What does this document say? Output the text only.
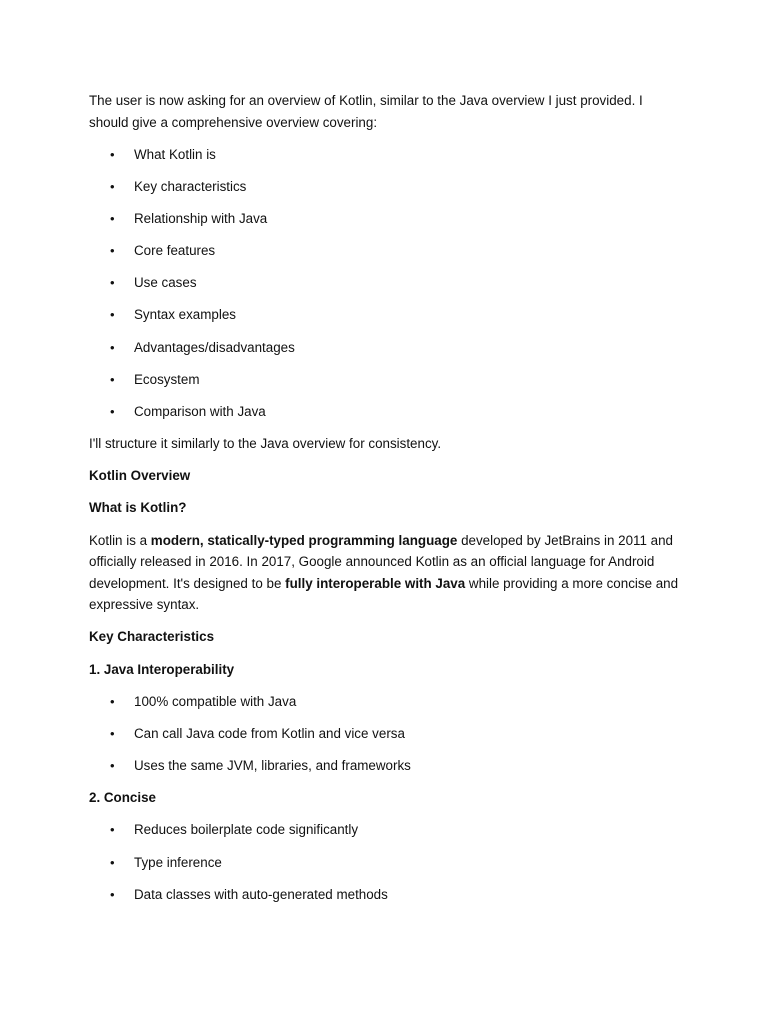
The user is now asking for an overview of Kotlin, similar to the Java overview I just provided. I should give a comprehensive overview covering:

• What Kotlin is
• Key characteristics
• Relationship with Java
• Core features
• Use cases
• Syntax examples
• Advantages/disadvantages
• Ecosystem
• Comparison with Java

I'll structure it similarly to the Java overview for consistency.

Kotlin Overview

What is Kotlin?

Kotlin is a modern, statically-typed programming language developed by JetBrains in 2011 and officially released in 2016. In 2017, Google announced Kotlin as an official language for Android development. It's designed to be fully interoperable with Java while providing a more concise and expressive syntax.

Key Characteristics

1. Java Interoperability

• 100% compatible with Java
• Can call Java code from Kotlin and vice versa
• Uses the same JVM, libraries, and frameworks

2. Concise

• Reduces boilerplate code significantly
• Type inference
• Data classes with auto-generated methods
